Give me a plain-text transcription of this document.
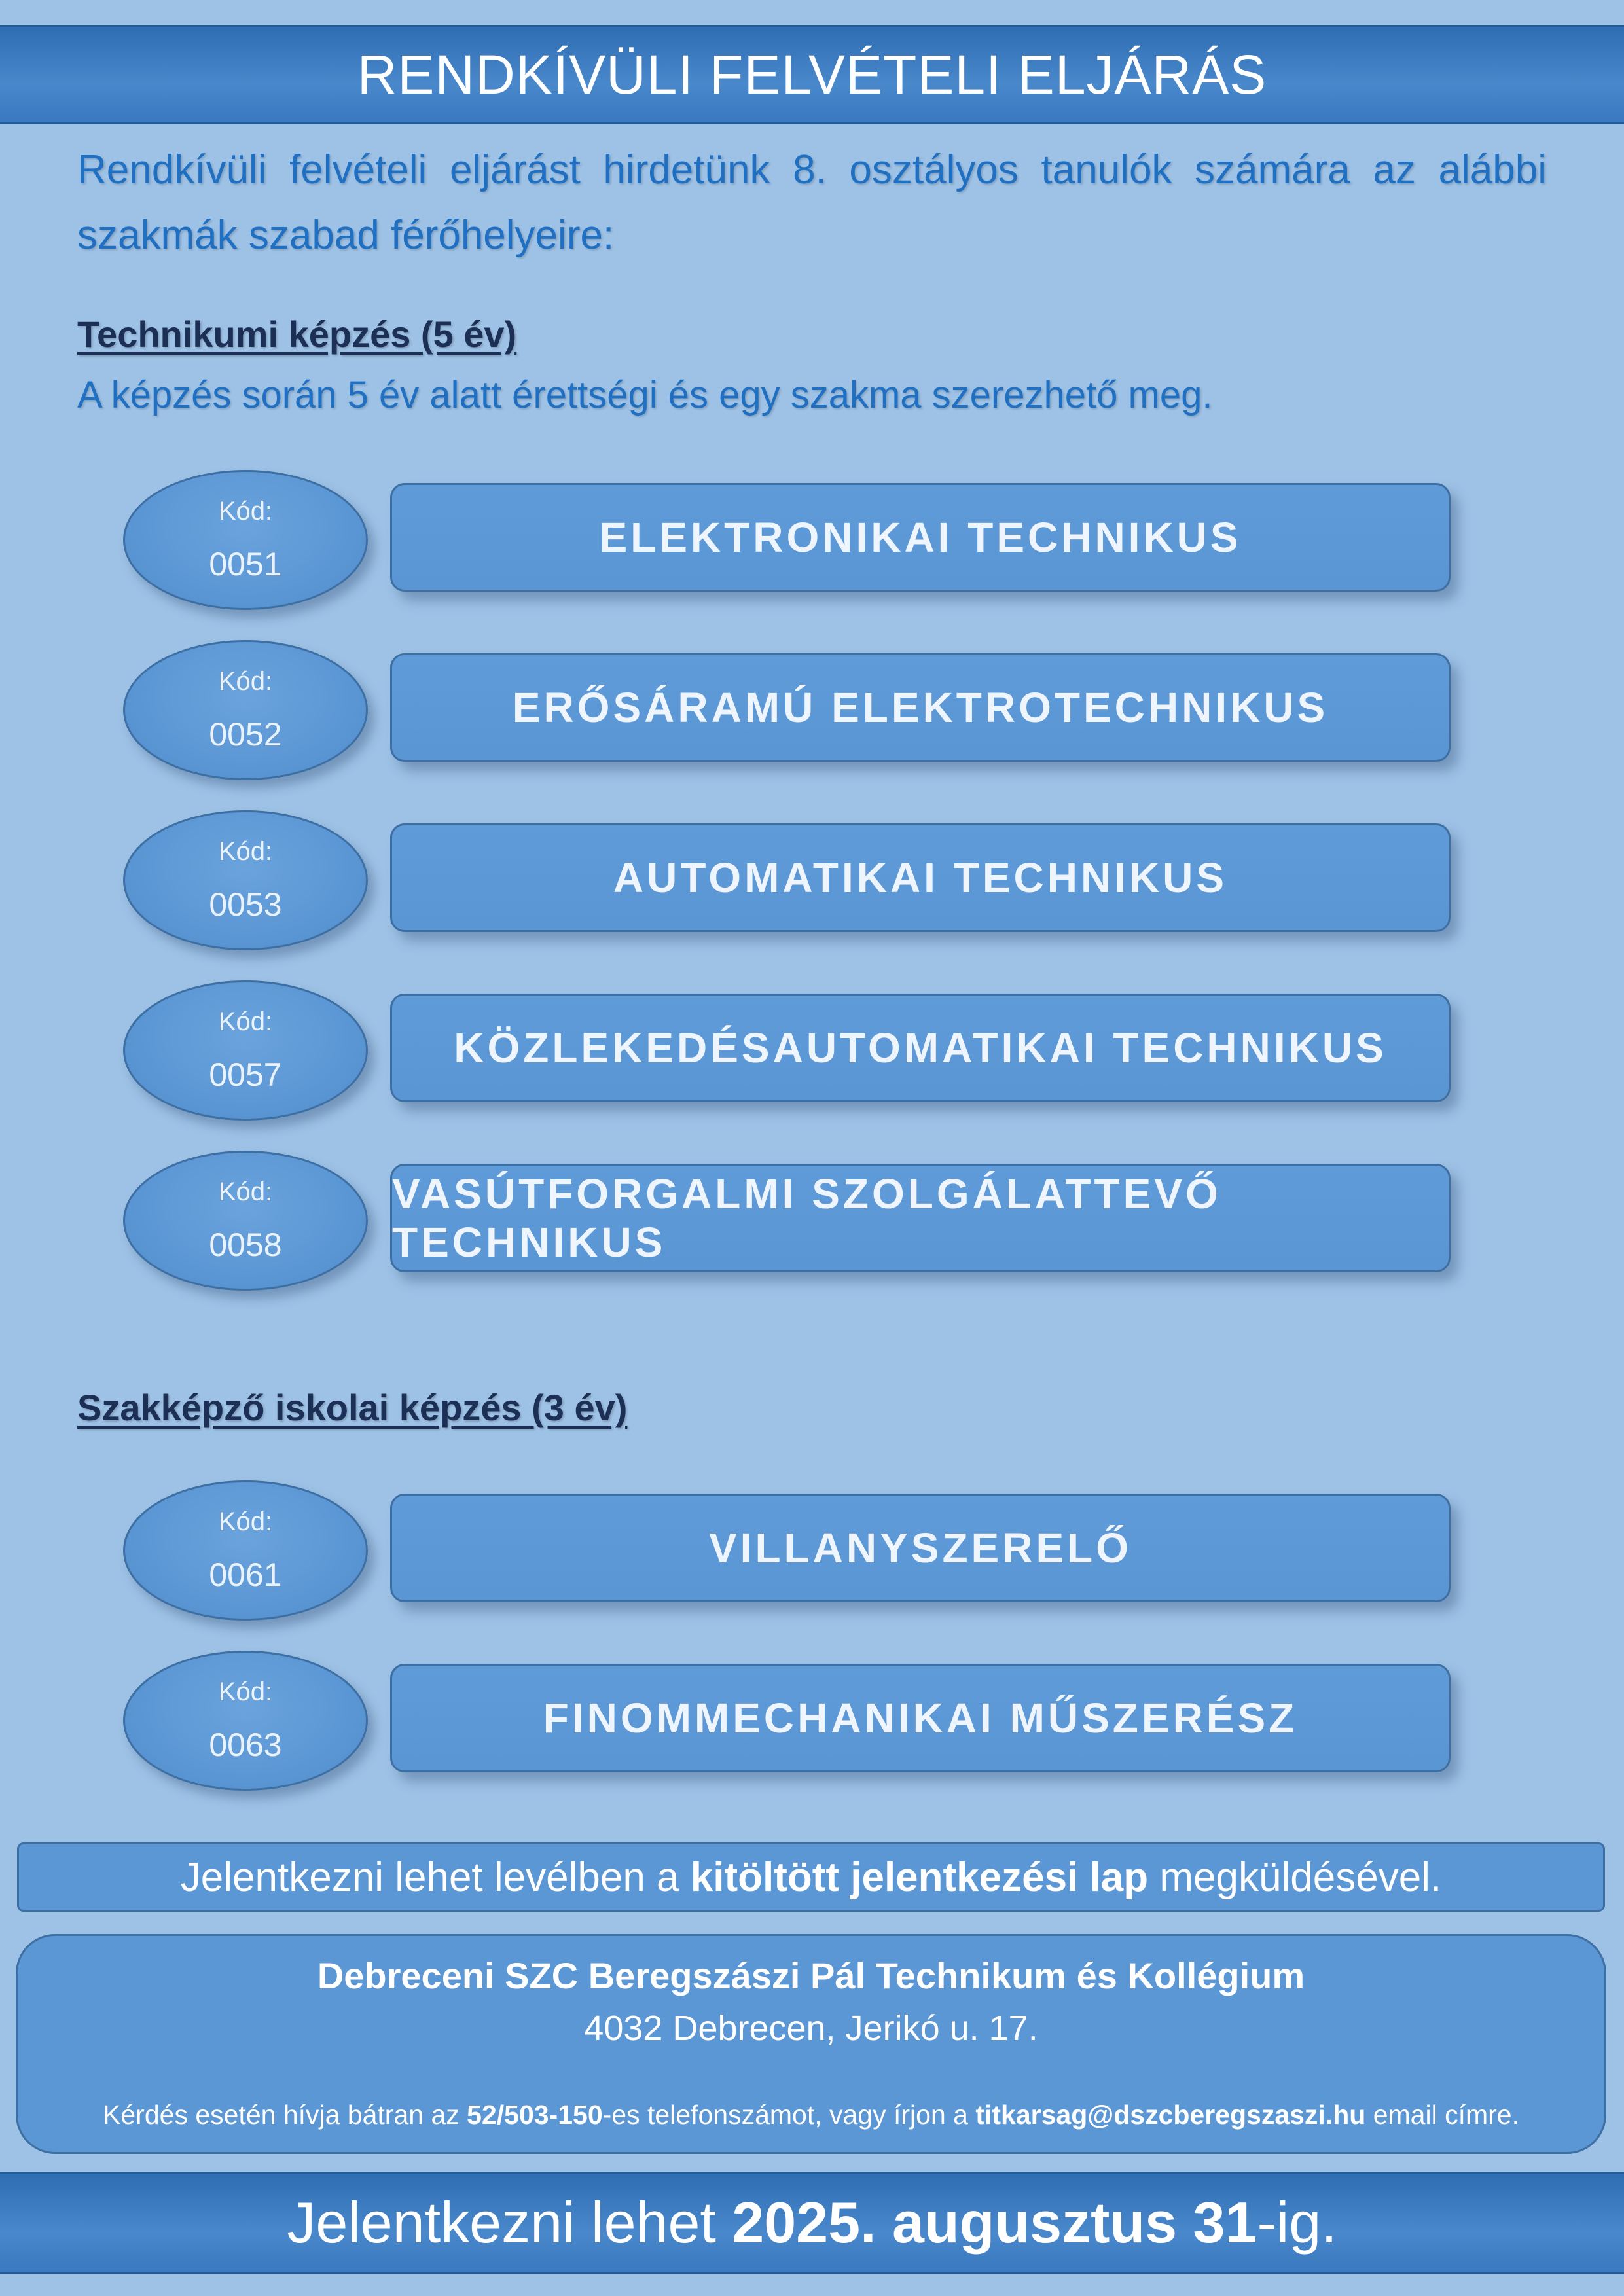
RENDKÍVÜLI FELVÉTELI ELJÁRÁS
Rendkívüli felvételi eljárást hirdetünk 8. osztályos tanulók számára az alábbi szakmák szabad férőhelyeire:
Technikumi képzés (5 év)
A képzés során 5 év alatt érettségi és egy szakma szerezhető meg.
Kód:
0051
ELEKTRONIKAI TECHNIKUS
Kód:
0052
ERŐSÁRAMÚ ELEKTROTECHNIKUS
Kód:
0053
AUTOMATIKAI TECHNIKUS
Kód:
0057
KÖZLEKEDÉSAUTOMATIKAI TECHNIKUS
Kód:
0058
VASÚTFORGALMI SZOLGÁLATTEVŐ TECHNIKUS
Szakképző iskolai képzés (3 év)
Kód:
0061
VILLANYSZERELŐ
Kód:
0063
FINOMMECHANIKAI MŰSZERÉSZ
Jelentkezni lehet levélben a kitöltött jelentkezési lap megküldésével.
Debreceni SZC Beregszászi Pál Technikum és Kollégium
4032 Debrecen, Jerikó u. 17.
Kérdés esetén hívja bátran az 52/503-150-es telefonszámot, vagy írjon a titkarsag@dszcberegszaszi.hu email címre.
Jelentkezni lehet 2025. augusztus 31 -ig.
